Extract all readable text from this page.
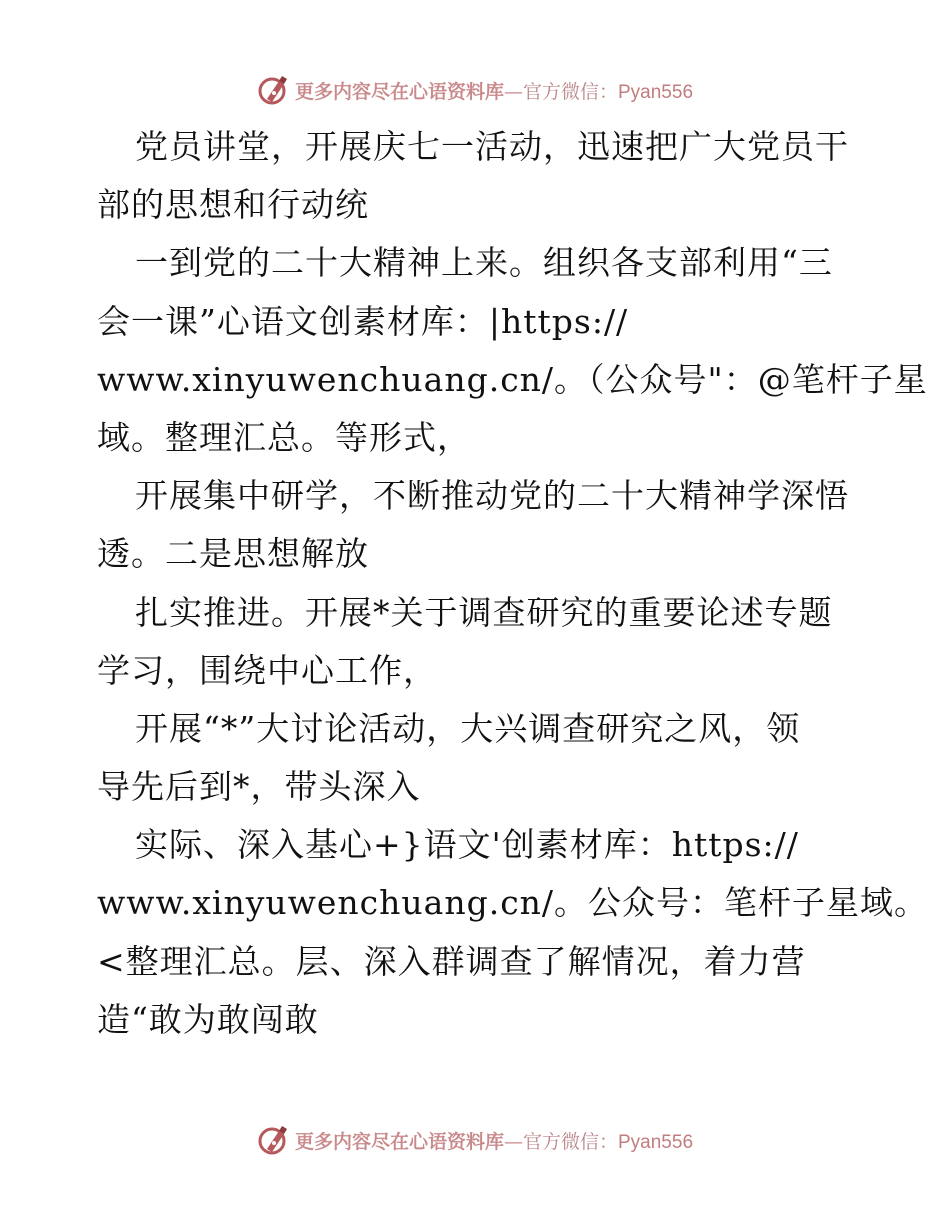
更多内容尽在心语资料库—官方微信：Pyan556
党员讲堂，开展庆七一活动，迅速把广大党员干
部的思想和行动统
一到党的二十大精神上来。组织各支部利用“三
会一课”心语文创素材库：|https://
www.xinyuwenchuang.cn/。（公众号"：@笔杆子星
域。整理汇总。等形式，
开展集中研学，不断推动党的二十大精神学深悟
透。二是思想解放
扎实推进。开展*关于调查研究的重要论述专题
学习，围绕中心工作，
开展“*”大讨论活动，大兴调查研究之风，领
导先后到*，带头深入
实际、深入基心+}语文'创素材库：https://
www.xinyuwenchuang.cn/。公众号：笔杆子星域。
<整理汇总。层、深入群调查了解情况，着力营
造“敢为敢闯敢
更多内容尽在心语资料库—官方微信：Pyan556
